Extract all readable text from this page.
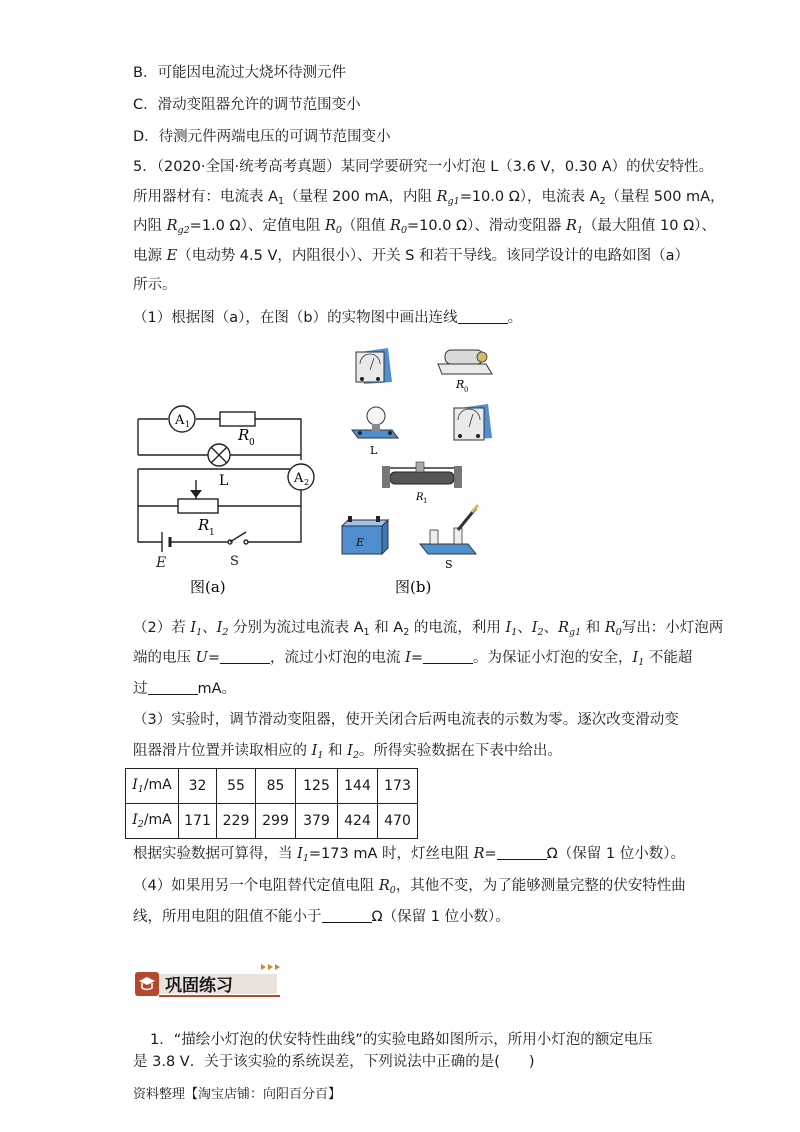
B．可能因电流过大烧坏待测元件
C．滑动变阻器允许的调节范围变小
D．待测元件两端电压的可调节范围变小
5．（2020·全国·统考高考真题）某同学要研究一小灯泡 L（3.6 V，0.30 A）的伏安特性。
所用器材有：电流表 $A_1$（量程 200 mA，内阻 $R_{g1}=10.0$ Ω），电流表 $A_2$（量程 500 mA，
内阻 $R_{g2}=1.0$ Ω）、定值电阻 $R_0$（阻值 $R_0=10.0$ Ω）、滑动变阻器 $R_1$（最大阻值 10 Ω）、
电源 E（电动势 4.5 V，内阻很小）、开关 S 和若干导线。该同学设计的电路如图（a）
所示。
（1）根据图（a），在图（b）的实物图中画出连线	。
A 1
R 0
L	A 2
R 1
E	S
图(a)
R 0
L
R 1
E
S
图(b)
（2）若 $I_1$、$I_2$ 分别为流过电流表 $A_1$ 和 $A_2$ 的电流，利用 $I_1$、$I_2$、$R_{g1}$ 和 $R_0$写出：小灯泡两
端的电压 U=	，流过小灯泡的电流 I=	。为保证小灯泡的安全，$I_1$ 不能超
过	mA。
（3）实验时，调节滑动变阻器，使开关闭合后两电流表的示数为零。逐次改变滑动变
阻器滑片位置并读取相应的 $I_1$ 和 $I_2$。所得实验数据在下表中给出。
$I_1/mA$	32	55	85	125	144	173
$I_2/mA$	171	229	299	379	424	470
根据实验数据可算得，当 $I_1=173$ mA 时，灯丝电阻 R=	Ω（保留 1 位小数）。
（4）如果用另一个电阻替代定值电阻 $R_0$，其他不变，为了能够测量完整的伏安特性曲
线，所用电阻的阻值不能小于	Ω（保留 1 位小数）。
巩固练习
1．“描绘小灯泡的伏安特性曲线”的实验电路如图所示，所用小灯泡的额定电压
是 3.8 V．关于该实验的系统误差，下列说法中正确的是(　　)
资料整理【淘宝店铺：向阳百分百】
